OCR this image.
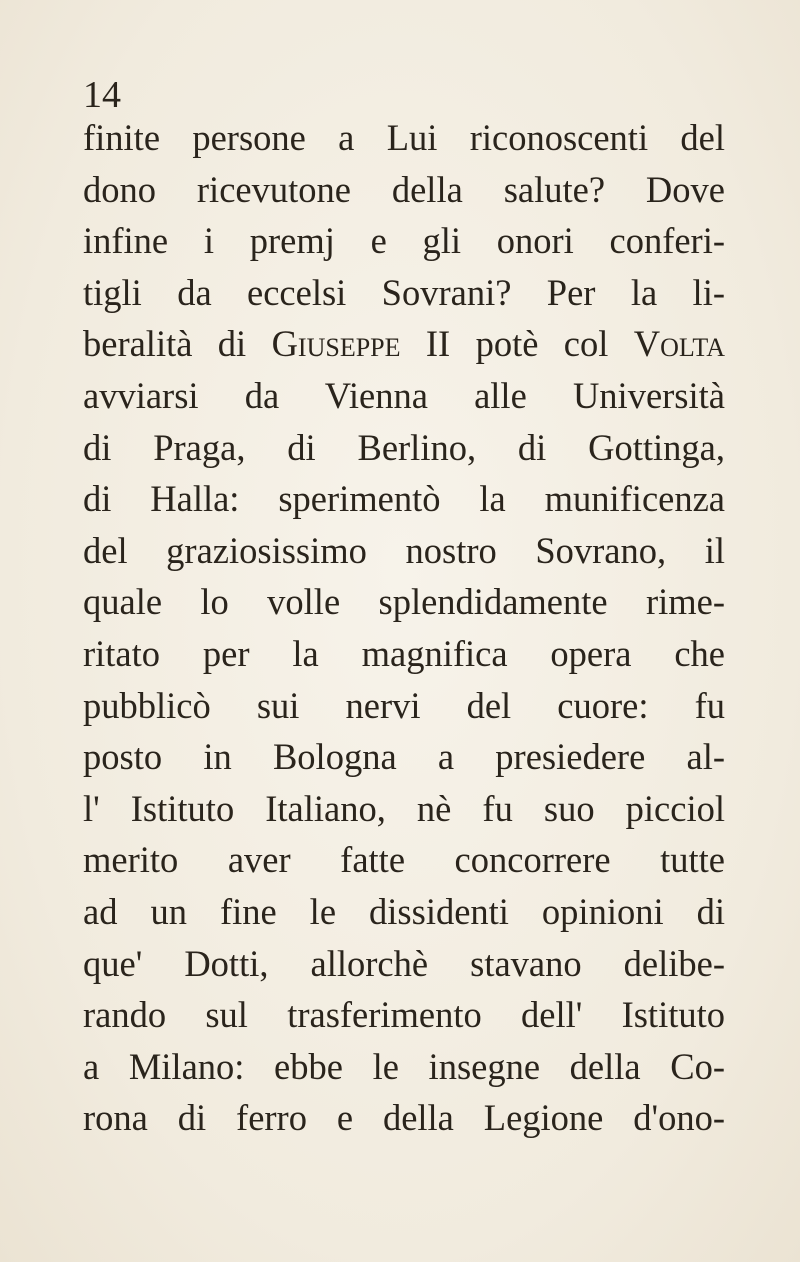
14
finite persone a Lui riconoscenti del
dono ricevutone della salute? Dove
infine i premj e gli onori conferi-
tigli da eccelsi Sovrani? Per la li-
beralità di Giuseppe II potè col Volta
avviarsi da Vienna alle Università
di Praga, di Berlino, di Gottinga,
di Halla: sperimentò la munificenza
del graziosissimo nostro Sovrano, il
quale lo volle splendidamente rime-
ritato per la magnifica opera che
pubblicò sui nervi del cuore: fu
posto in Bologna a presiedere al-
l' Istituto Italiano, nè fu suo picciol
merito aver fatte concorrere tutte
ad un fine le dissidenti opinioni di
que' Dotti, allorchè stavano delibe-
rando sul trasferimento dell' Istituto
a Milano: ebbe le insegne della Co-
rona di ferro e della Legione d'ono-
